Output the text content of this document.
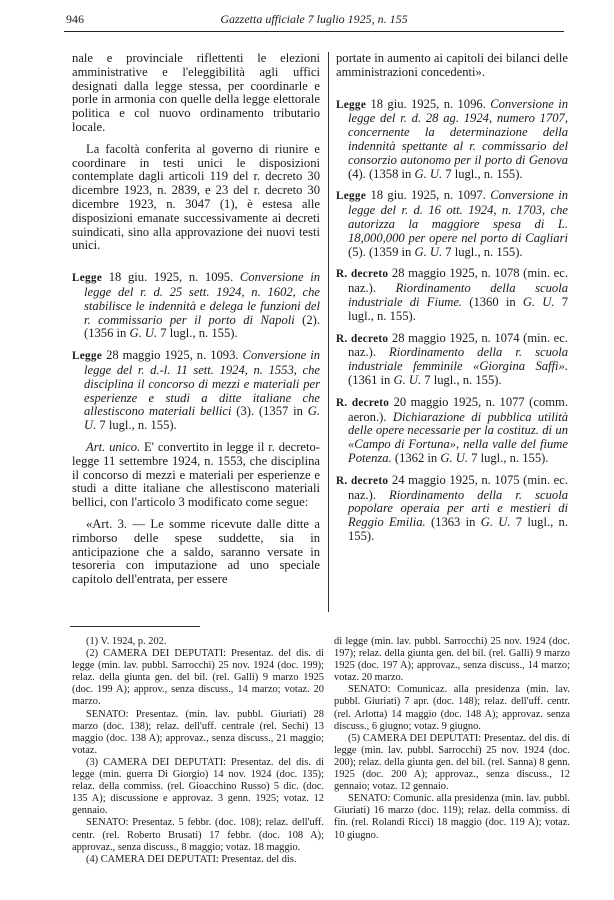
946	Gazzetta ufficiale 7 luglio 1925, n. 155

nale e provinciale riflettenti le elezioni amministrative e l'eleggibilità agli uffici designati dalla legge stessa, per coordinarle e porle in armonia con quelle della legge elettorale politica e col nuovo ordinamento tributario locale.

La facoltà conferita al governo di riunire e coordinare in testi unici le disposizioni contemplate dagli articoli 119 del r. decreto 30 dicembre 1923, n. 2839, e 23 del r. decreto 30 dicembre 1923, n. 3047 (1), è estesa alle disposizioni emanate successivamente ai decreti suindicati, sino alla approvazione dei nuovi testi unici.

Legge 18 giu. 1925, n. 1095. Conversione in legge del r. d. 25 sett. 1924, n. 1602, che stabilisce le indennità e delega le funzioni del r. commissario per il porto di Napoli (2). (1356 in G. U. 7 lugl., n. 155).

Legge 28 maggio 1925, n. 1093. Conversione in legge del r. d.-l. 11 sett. 1924, n. 1553, che disciplina il concorso di mezzi e materiali per esperienze e studi a ditte italiane che allestiscono materiali bellici (3). (1357 in G. U. 7 lugl., n. 155).

Art. unico. E' convertito in legge il r. decreto-legge 11 settembre 1924, n. 1553, che disciplina il concorso di mezzi e materiali per esperienze e studi a ditte italiane che allestiscono materiali bellici, con l'articolo 3 modificato come segue:

«Art. 3. — Le somme ricevute dalle ditte a rimborso delle spese suddette, sia in anticipazione che a saldo, saranno versate in tesoreria con imputazione ad uno speciale capitolo dell'entrata, per essere

portate in aumento ai capitoli dei bilanci delle amministrazioni concedenti».

Legge 18 giu. 1925, n. 1096. Conversione in legge del r. d. 28 ag. 1924, numero 1707, concernente la determinazione della indennità spettante al r. commissario del consorzio autonomo per il porto di Genova (4). (1358 in G. U. 7 lugl., n. 155).

Legge 18 giu. 1925, n. 1097. Conversione in legge del r. d. 16 ott. 1924, n. 1703, che autorizza la maggiore spesa di L. 18,000,000 per opere nel porto di Cagliari (5). (1359 in G. U. 7 lugl., n. 155).

R. decreto 28 maggio 1925, n. 1078 (min. ec. naz.). Riordinamento della scuola industriale di Fiume. (1360 in G. U. 7 lugl., n. 155).

R. decreto 28 maggio 1925, n. 1074 (min. ec. naz.). Riordinamento della r. scuola industriale femminile «Giorgina Saffi». (1361 in G. U. 7 lugl., n. 155).

R. decreto 20 maggio 1925, n. 1077 (comm. aeron.). Dichiarazione di pubblica utilità delle opere necessarie per la costituz. di un «Campo di Fortuna», nella valle del fiume Potenza. (1362 in G. U. 7 lugl., n. 155).

R. decreto 24 maggio 1925, n. 1075 (min. ec. naz.). Riordinamento della r. scuola popolare operaia per arti e mestieri di Reggio Emilia. (1363 in G. U. 7 lugl., n. 155).

(1) V. 1924, p. 202.

(2) CAMERA DEI DEPUTATI: Presentaz. del dis. di legge (min. lav. pubbl. Sarrocchi) 25 nov. 1924 (doc. 199); relaz. della giunta gen. del bil. (rel. Galli) 9 marzo 1925 (doc. 199 A); approv., senza discuss., 14 marzo; votaz. 20 marzo.

SENATO: Presentaz. (min. lav. pubbl. Giuriati) 28 marzo (doc. 138); relaz. dell'uff. centrale (rel. Sechi) 13 maggio (doc. 138 A); approvaz., senza discuss., 21 maggio; votaz.

(3) CAMERA DEI DEPUTATI: Presentaz. del dis. di legge (min. guerra Di Giorgio) 14 nov. 1924 (doc. 135); relaz. della commiss. (rel. Gioacchino Russo) 5 dic. (doc. 135 A); discussione e approvaz. 3 genn. 1925; votaz. 12 gennaio.

SENATO: Presentaz. 5 febbr. (doc. 108); relaz. dell'uff. centr. (rel. Roberto Brusati) 17 febbr. (doc. 108 A); approvaz., senza discuss., 8 maggio; votaz. 18 maggio.

(4) CAMERA DEI DEPUTATI: Presentaz. del dis.

di legge (min. lav. pubbl. Sarrocchi) 25 nov. 1924 (doc. 197); relaz. della giunta gen. del bil. (rel. Galli) 9 marzo 1925 (doc. 197 A); approvaz., senza discuss., 14 marzo; votaz. 20 marzo.

SENATO: Comunicaz. alla presidenza (min. lav. pubbl. Giuriati) 7 apr. (doc. 148); relaz. dell'uff. centr. (rel. Arlotta) 14 maggio (doc. 148 A); approvaz. senza discuss., 6 giugno; votaz. 9 giugno.

(5) CAMERA DEI DEPUTATI: Presentaz. del dis. di legge (min. lav. pubbl. Sarrocchi) 25 nov. 1924 (doc. 200); relaz. della giunta gen. del bil. (rel. Sanna) 8 genn. 1925 (doc. 200 A); approvaz., senza discuss., 12 gennaio; votaz. 12 gennaio.

SENATO: Comunic. alla presidenza (min. lav. pubbl. Giuriati) 16 marzo (doc. 119); relaz. della commiss. di fin. (rel. Rolandi Ricci) 18 maggio (doc. 119 A); votaz. 10 giugno.
